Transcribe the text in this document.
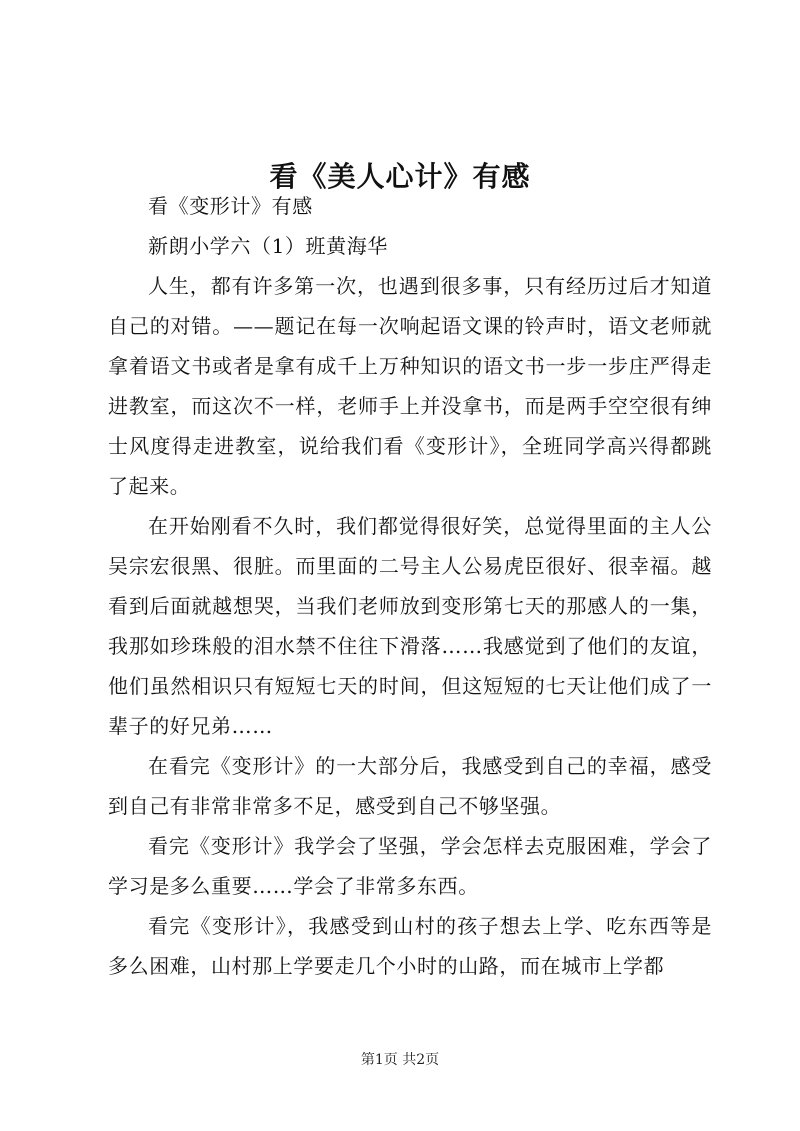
看《美人心计》有感

看《变形计》有感

新朗小学六（1）班黄海华

人生，都有许多第一次，也遇到很多事，只有经历过后才知道自己的对错。——题记在每一次响起语文课的铃声时，语文老师就拿着语文书或者是拿有成千上万种知识的语文书一步一步庄严得走进教室，而这次不一样，老师手上并没拿书，而是两手空空很有绅士风度得走进教室，说给我们看《变形计》，全班同学高兴得都跳了起来。

在开始刚看不久时，我们都觉得很好笑，总觉得里面的主人公吴宗宏很黑、很脏。而里面的二号主人公易虎臣很好、很幸福。越看到后面就越想哭，当我们老师放到变形第七天的那感人的一集，我那如珍珠般的泪水禁不住往下滑落……我感觉到了他们的友谊，他们虽然相识只有短短七天的时间，但这短短的七天让他们成了一辈子的好兄弟……

在看完《变形计》的一大部分后，我感受到自己的幸福，感受到自己有非常非常多不足，感受到自己不够坚强。

看完《变形计》我学会了坚强，学会怎样去克服困难，学会了学习是多么重要……学会了非常多东西。

看完《变形计》，我感受到山村的孩子想去上学、吃东西等是多么困难，山村那上学要走几个小时的山路，而在城市上学都

第1页 共2页
